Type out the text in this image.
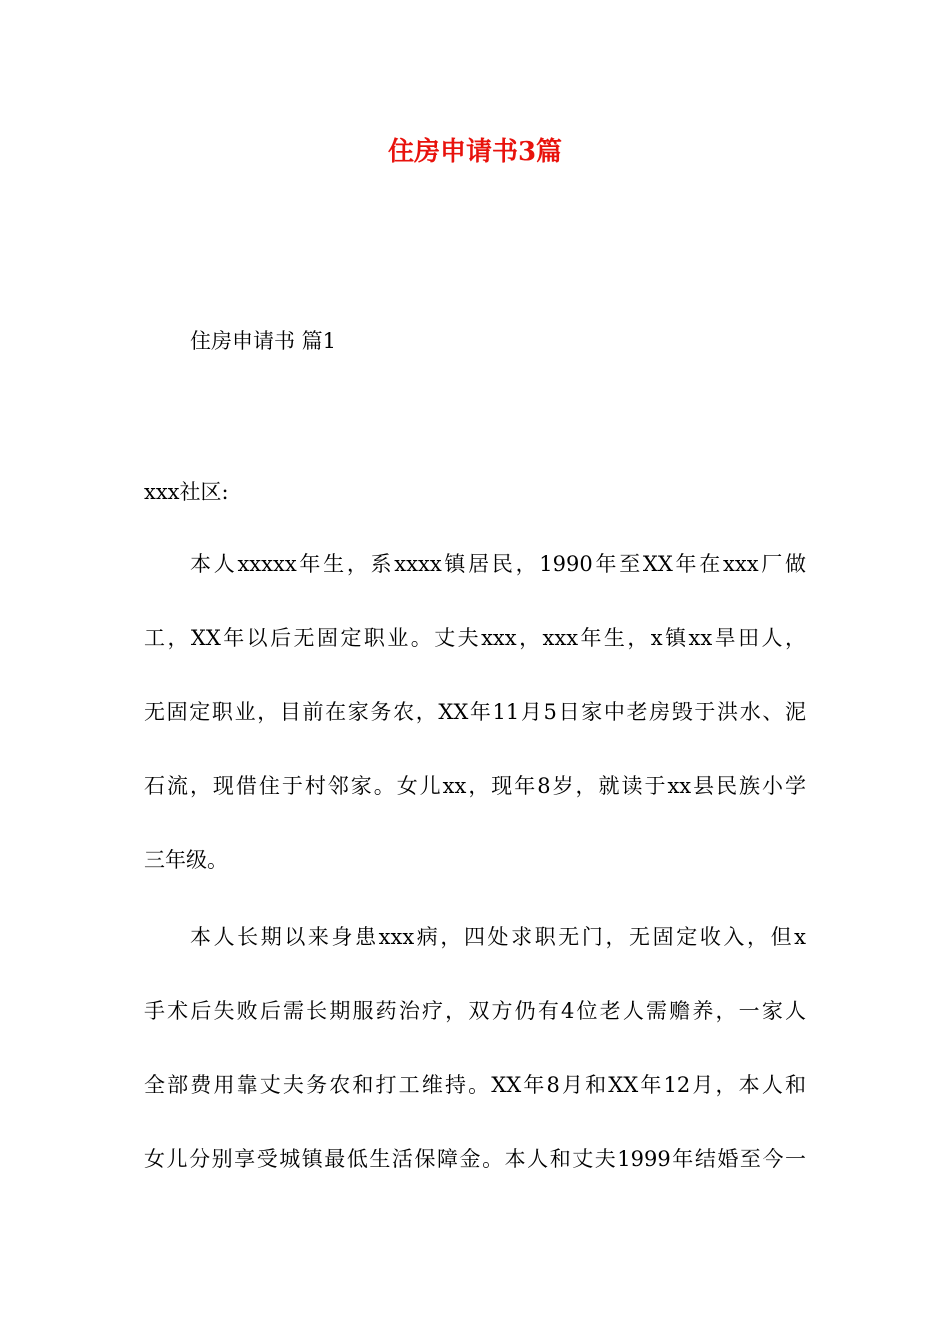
住房申请书3篇

住房申请书 篇1

xxx社区:

本人xxxxx年生，系xxxx镇居民，1990年至XX年在xxx厂做
工，XX年以后无固定职业。丈夫xxx，xxx年生，x镇xx旱田人，
无固定职业，目前在家务农，XX年11月5日家中老房毁于洪水、泥
石流，现借住于村邻家。女儿xx，现年8岁，就读于xx县民族小学
三年级。
本人长期以来身患xxx病，四处求职无门，无固定收入，但x
手术后失败后需长期服药治疗，双方仍有4位老人需赡养，一家人
全部费用靠丈夫务农和打工维持。XX年8月和XX年12月，本人和
女儿分别享受城镇最低生活保障金。本人和丈夫1999年结婚至今一
